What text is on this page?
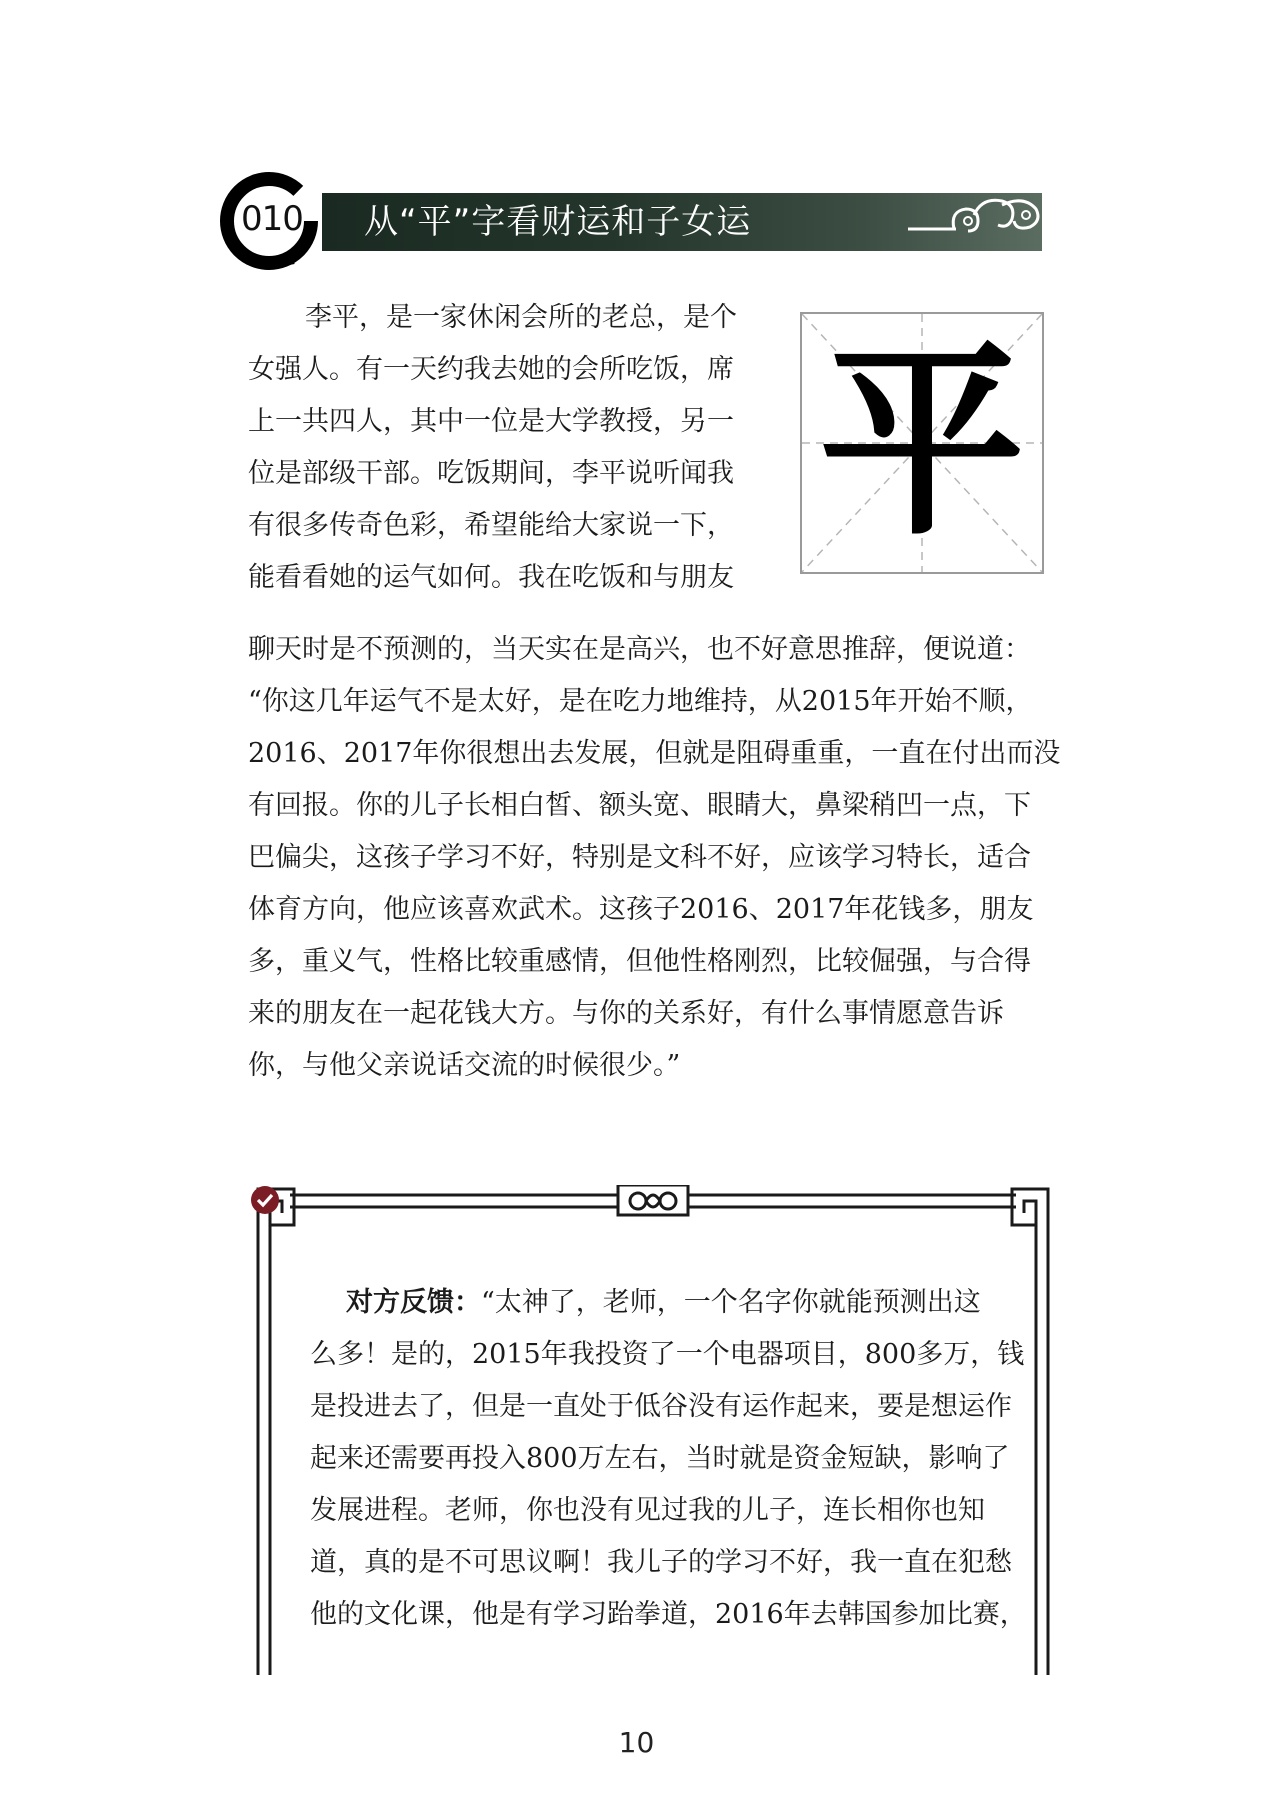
010 从“平”字看财运和子女运
平
李平，是一家休闲会所的老总，是个
女强人。有一天约我去她的会所吃饭，席
上一共四人，其中一位是大学教授，另一
位是部级干部。吃饭期间，李平说听闻我
有很多传奇色彩，希望能给大家说一下，
能看看她的运气如何。我在吃饭和与朋友
聊天时是不预测的，当天实在是高兴，也不好意思推辞，便说道：
“你这几年运气不是太好，是在吃力地维持，从2015年开始不顺，
2016、2017年你很想出去发展，但就是阻碍重重，一直在付出而没
有回报。你的儿子长相白皙、额头宽、眼睛大，鼻梁稍凹一点，下
巴偏尖，这孩子学习不好，特别是文科不好，应该学习特长，适合
体育方向，他应该喜欢武术。这孩子2016、2017年花钱多，朋友
多，重义气，性格比较重感情，但他性格刚烈，比较倔强，与合得
来的朋友在一起花钱大方。与你的关系好，有什么事情愿意告诉
你，与他父亲说话交流的时候很少。”
对方反馈：“太神了，老师，一个名字你就能预测出这
么多！是的，2015年我投资了一个电器项目，800多万，钱
是投进去了，但是一直处于低谷没有运作起来，要是想运作
起来还需要再投入800万左右，当时就是资金短缺，影响了
发展进程。老师，你也没有见过我的儿子，连长相你也知
道，真的是不可思议啊！我儿子的学习不好，我一直在犯愁
他的文化课，他是有学习跆拳道，2016年去韩国参加比赛，
10
